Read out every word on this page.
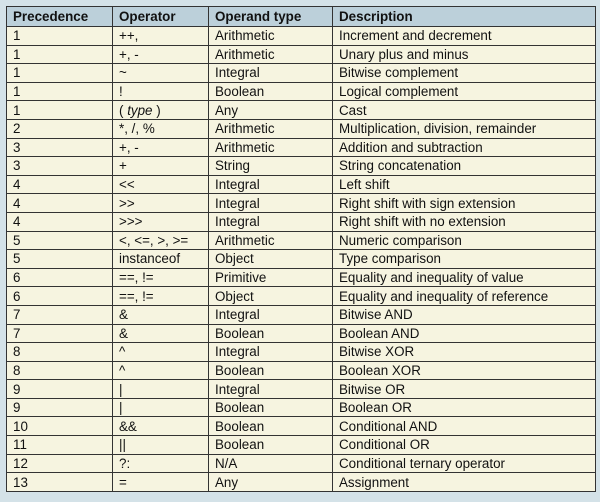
Precedence	Operator	Operand type	Description
1	++,	Arithmetic	Increment and decrement
1	+, -	Arithmetic	Unary plus and minus
1	~	Integral	Bitwise complement
1	!	Boolean	Logical complement
1	( type )	Any	Cast
2	*, /, %	Arithmetic	Multiplication, division, remainder
3	+, -	Arithmetic	Addition and subtraction
3	+	String	String concatenation
4	<<	Integral	Left shift
4	>>	Integral	Right shift with sign extension
4	>>>	Integral	Right shift with no extension
5	<, <=, >, >=	Arithmetic	Numeric comparison
5	instanceof	Object	Type comparison
6	==, !=	Primitive	Equality and inequality of value
6	==, !=	Object	Equality and inequality of reference
7	&	Integral	Bitwise AND
7	&	Boolean	Boolean AND
8	^	Integral	Bitwise XOR
8	^	Boolean	Boolean XOR
9	|	Integral	Bitwise OR
9	|	Boolean	Boolean OR
10	&&	Boolean	Conditional AND
11	||	Boolean	Conditional OR
12	?:	N/A	Conditional ternary operator
13	=	Any	Assignment
